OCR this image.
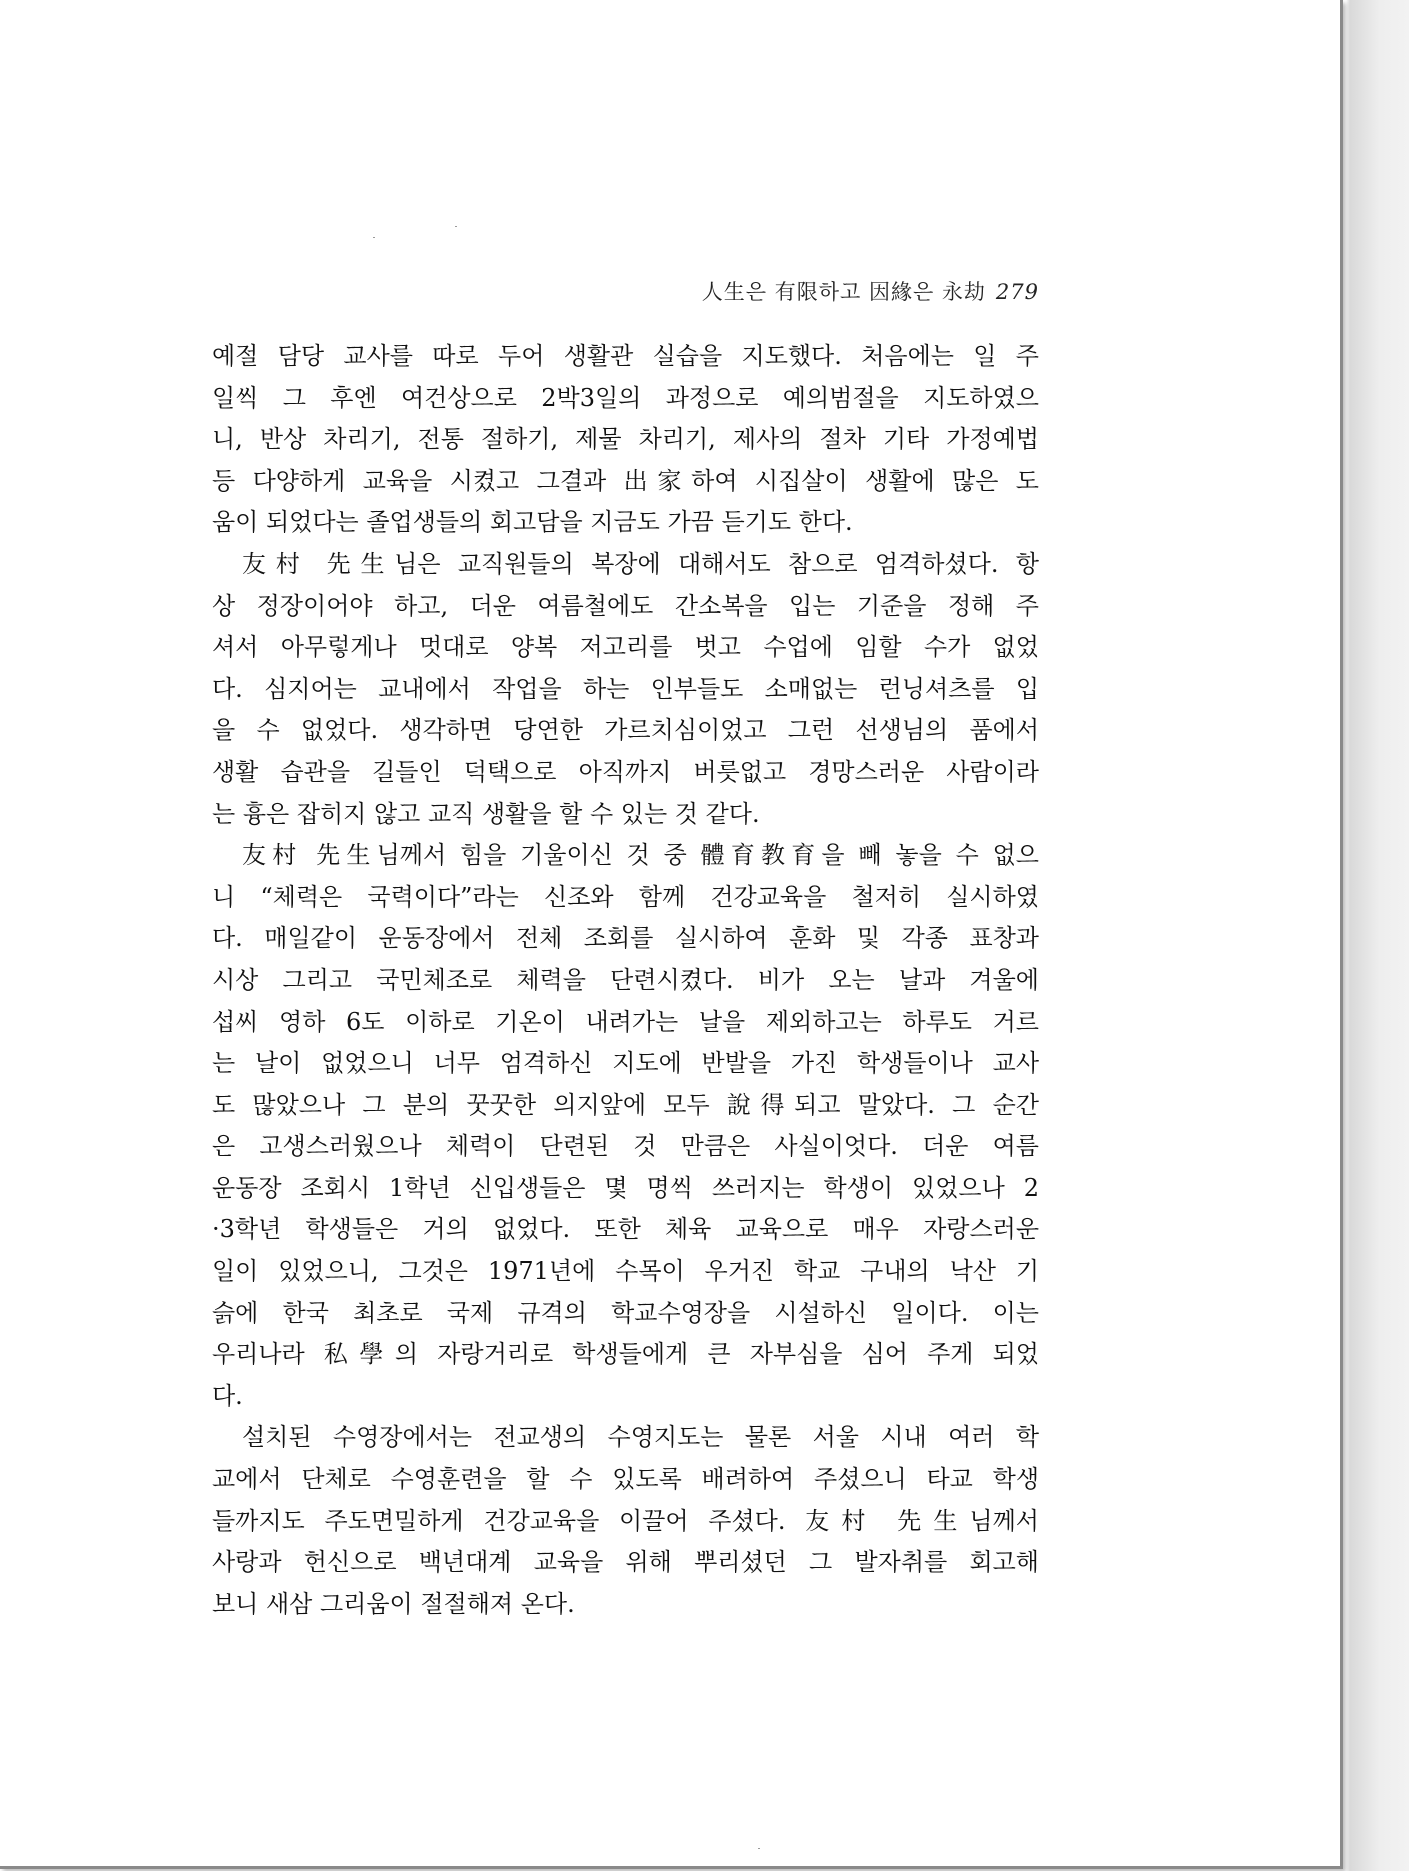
人生은 有限하고 因緣은 永劫 279
예절 담당 교사를 따로 두어 생활관 실습을 지도했다. 처음에는 일 주
일씩 그 후엔 여건상으로 2박3일의 과정으로 예의범절을 지도하였으
니, 반상 차리기, 전통 절하기, 제물 차리기, 제사의 절차 기타 가정예법
등 다양하게 교육을 시켰고 그결과 出家하여 시집살이 생활에 많은 도
움이 되었다는 졸업생들의 회고담을 지금도 가끔 듣기도 한다.
友村 先生님은 교직원들의 복장에 대해서도 참으로 엄격하셨다. 항
상 정장이어야 하고, 더운 여름철에도 간소복을 입는 기준을 정해 주
셔서 아무렇게나 멋대로 양복 저고리를 벗고 수업에 임할 수가 없었
다. 심지어는 교내에서 작업을 하는 인부들도 소매없는 런닝셔츠를 입
을 수 없었다. 생각하면 당연한 가르치심이었고 그런 선생님의 품에서
생활 습관을 길들인 덕택으로 아직까지 버릇없고 경망스러운 사람이라
는 흉은 잡히지 않고 교직 생활을 할 수 있는 것 같다.
友村 先生님께서 힘을 기울이신 것 중 體育教育을 빼 놓을 수 없으
니 “체력은 국력이다”라는 신조와 함께 건강교육을 철저히 실시하였
다. 매일같이 운동장에서 전체 조회를 실시하여 훈화 및 각종 표창과
시상 그리고 국민체조로 체력을 단련시켰다. 비가 오는 날과 겨울에
섭씨 영하 6도 이하로 기온이 내려가는 날을 제외하고는 하루도 거르
는 날이 없었으니 너무 엄격하신 지도에 반발을 가진 학생들이나 교사
도 많았으나 그 분의 꿋꿋한 의지앞에 모두 說得되고 말았다. 그 순간
은 고생스러웠으나 체력이 단련된 것 만큼은 사실이엇다. 더운 여름
운동장 조회시 1학년 신입생들은 몇 명씩 쓰러지는 학생이 있었으나 2
·3학년 학생들은 거의 없었다. 또한 체육 교육으로 매우 자랑스러운
일이 있었으니, 그것은 1971년에 수목이 우거진 학교 구내의 낙산 기
슭에 한국 최초로 국제 규격의 학교수영장을 시설하신 일이다. 이는
우리나라 私學의 자랑거리로 학생들에게 큰 자부심을 심어 주게 되었
다.
설치된 수영장에서는 전교생의 수영지도는 물론 서울 시내 여러 학
교에서 단체로 수영훈련을 할 수 있도록 배려하여 주셨으니 타교 학생
들까지도 주도면밀하게 건강교육을 이끌어 주셨다. 友村 先生님께서
사랑과 헌신으로 백년대계 교육을 위해 뿌리셨던 그 발자취를 회고해
보니 새삼 그리움이 절절해져 온다.
